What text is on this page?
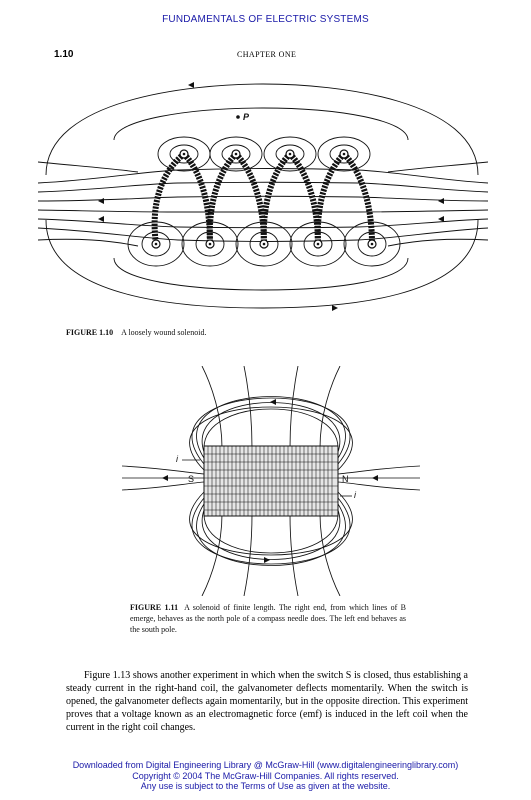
FUNDAMENTALS OF ELECTRIC SYSTEMS
1.10	CHAPTER ONE
P
FIGURE 1.10 A loosely wound solenoid.
S	N
i
i
FIGURE 1.11 A solenoid of finite length. The right end, from which lines of B emerge, behaves as the north pole of a compass needle does. The left end behaves as the south pole.

Figure 1.13 shows another experiment in which when the switch S is closed, thus establishing a steady current in the right-hand coil, the galvanometer deflects momentarily. When the switch is opened, the galvanometer deflects again momentarily, but in the opposite direction. This experiment proves that a voltage known as an electromagnetic force (emf) is induced in the left coil when the current in the right coil changes.

Downloaded from Digital Engineering Library @ McGraw-Hill (www.digitalengineeringlibrary.com)
Copyright © 2004 The McGraw-Hill Companies. All rights reserved.
Any use is subject to the Terms of Use as given at the website.
